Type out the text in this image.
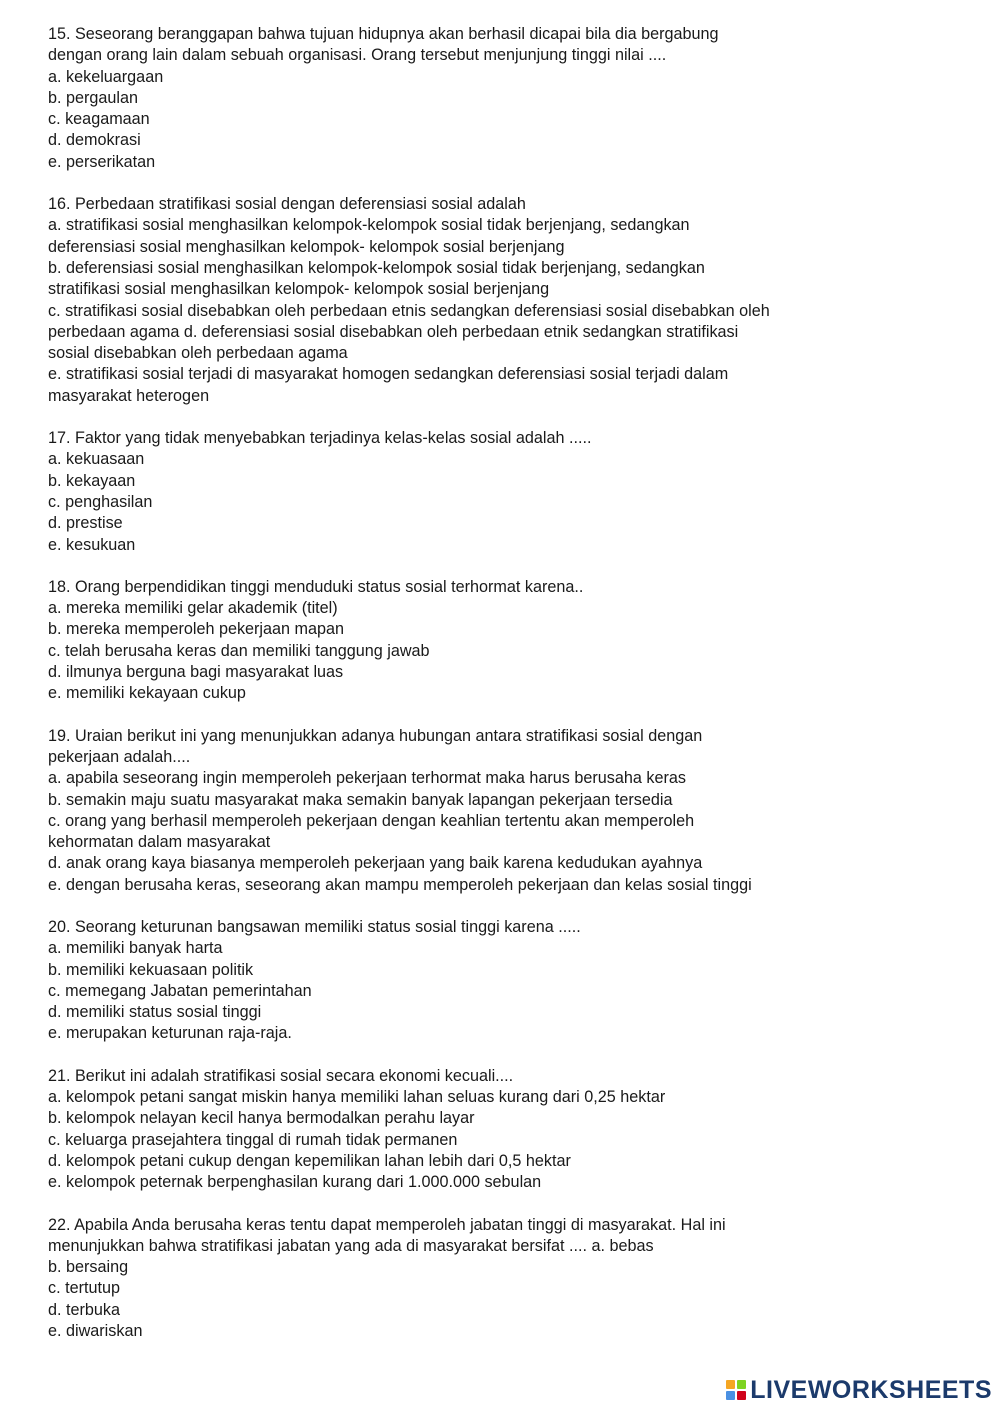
15. Seseorang beranggapan bahwa tujuan hidupnya akan berhasil dicapai bila dia bergabung
dengan orang lain dalam sebuah organisasi. Orang tersebut menjunjung tinggi nilai ....
a. kekeluargaan
b. pergaulan
c. keagamaan
d. demokrasi
e. perserikatan
16. Perbedaan stratifikasi sosial dengan deferensiasi sosial adalah
a. stratifikasi sosial menghasilkan kelompok-kelompok sosial tidak berjenjang, sedangkan
deferensiasi sosial menghasilkan kelompok- kelompok sosial berjenjang
b. deferensiasi sosial menghasilkan kelompok-kelompok sosial tidak berjenjang, sedangkan
stratifikasi sosial menghasilkan kelompok- kelompok sosial berjenjang
c. stratifikasi sosial disebabkan oleh perbedaan etnis sedangkan deferensiasi sosial disebabkan oleh
perbedaan agama d. deferensiasi sosial disebabkan oleh perbedaan etnik sedangkan stratifikasi
sosial disebabkan oleh perbedaan agama
e. stratifikasi sosial terjadi di masyarakat homogen sedangkan deferensiasi sosial terjadi dalam
masyarakat heterogen
17. Faktor yang tidak menyebabkan terjadinya kelas-kelas sosial adalah .....
a. kekuasaan
b. kekayaan
c. penghasilan
d. prestise
e. kesukuan
18. Orang berpendidikan tinggi menduduki status sosial terhormat karena..
a. mereka memiliki gelar akademik (titel)
b. mereka memperoleh pekerjaan mapan
c. telah berusaha keras dan memiliki tanggung jawab
d. ilmunya berguna bagi masyarakat luas
e. memiliki kekayaan cukup
19. Uraian berikut ini yang menunjukkan adanya hubungan antara stratifikasi sosial dengan
pekerjaan adalah....
a. apabila seseorang ingin memperoleh pekerjaan terhormat maka harus berusaha keras
b. semakin maju suatu masyarakat maka semakin banyak lapangan pekerjaan tersedia
c. orang yang berhasil memperoleh pekerjaan dengan keahlian tertentu akan memperoleh
kehormatan dalam masyarakat
d. anak orang kaya biasanya memperoleh pekerjaan yang baik karena kedudukan ayahnya
e. dengan berusaha keras, seseorang akan mampu memperoleh pekerjaan dan kelas sosial tinggi
20. Seorang keturunan bangsawan memiliki status sosial tinggi karena .....
a. memiliki banyak harta
b. memiliki kekuasaan politik
c. memegang Jabatan pemerintahan
d. memiliki status sosial tinggi
e. merupakan keturunan raja-raja.
21. Berikut ini adalah stratifikasi sosial secara ekonomi kecuali....
a. kelompok petani sangat miskin hanya memiliki lahan seluas kurang dari 0,25 hektar
b. kelompok nelayan kecil hanya bermodalkan perahu layar
c. keluarga prasejahtera tinggal di rumah tidak permanen
d. kelompok petani cukup dengan kepemilikan lahan lebih dari 0,5 hektar
e. kelompok peternak berpenghasilan kurang dari 1.000.000 sebulan
22. Apabila Anda berusaha keras tentu dapat memperoleh jabatan tinggi di masyarakat. Hal ini
menunjukkan bahwa stratifikasi jabatan yang ada di masyarakat bersifat .... a. bebas
b. bersaing
c. tertutup
d. terbuka
e. diwariskan
LIVEWORKSHEETS
